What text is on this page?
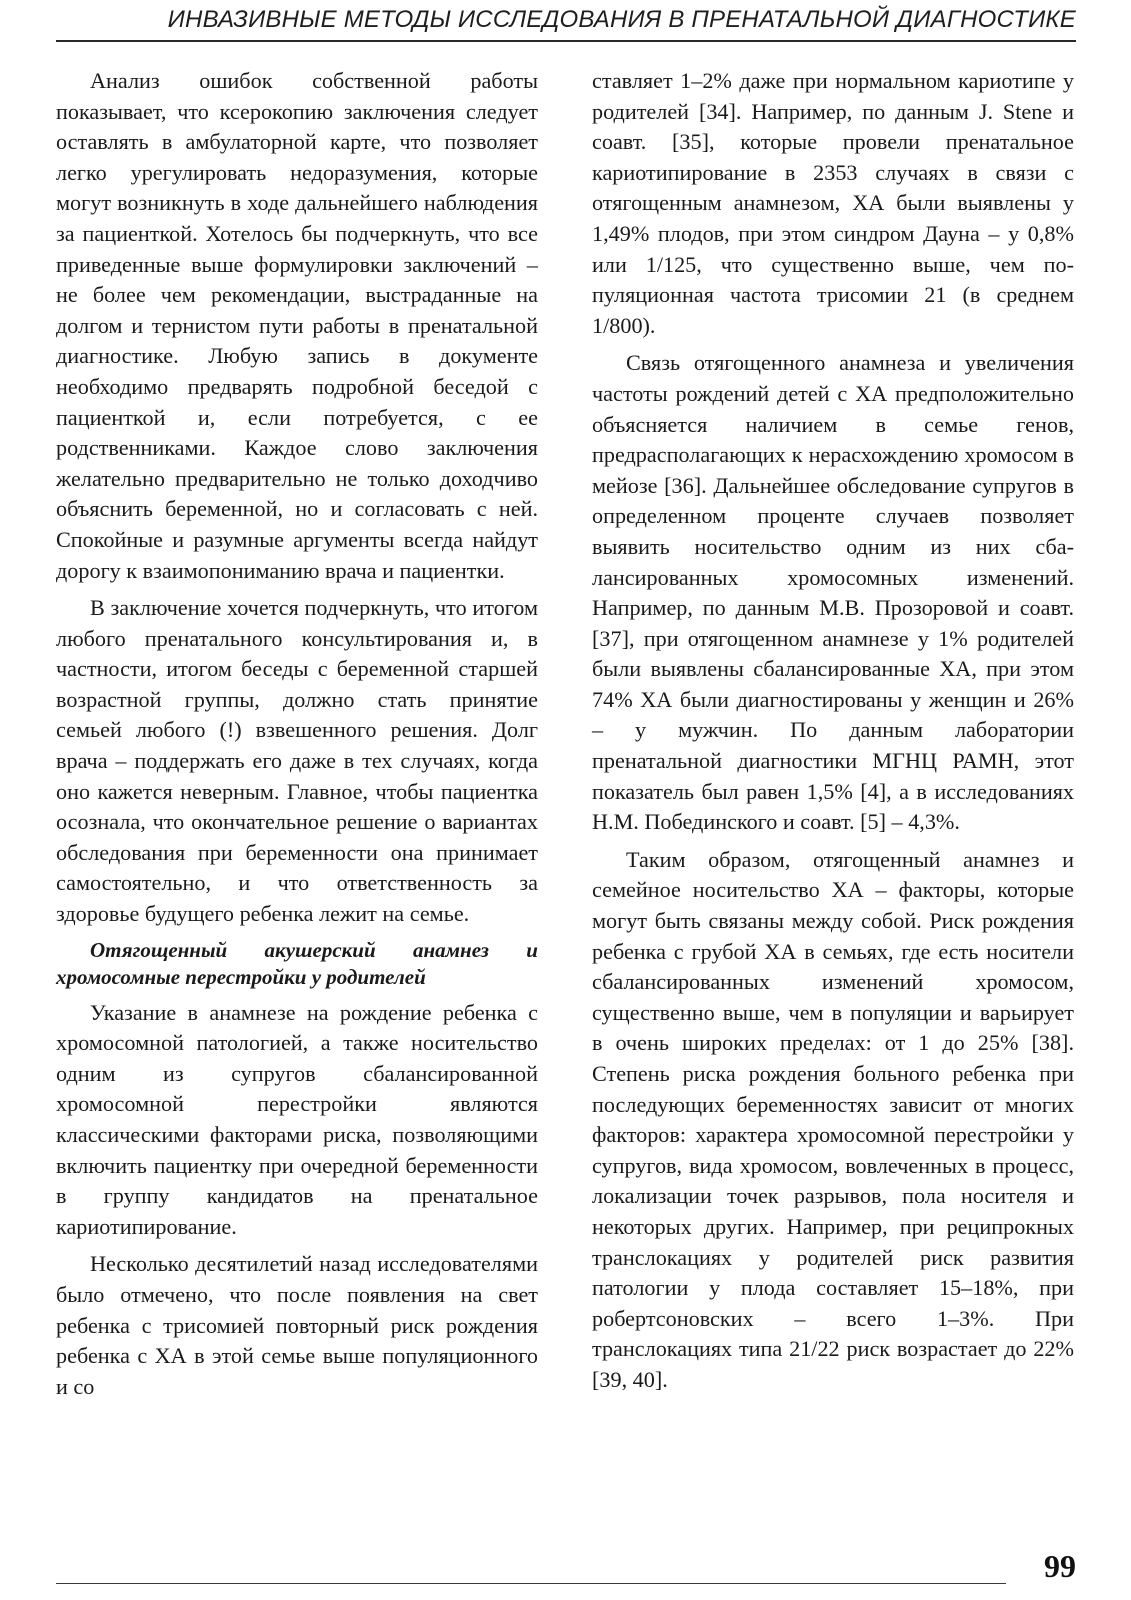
ИНВАЗИВНЫЕ МЕТОДЫ ИССЛЕДОВАНИЯ В ПРЕНАТАЛЬНОЙ ДИАГНОСТИКЕ

Анализ ошибок собственной работы показывает, что ксерокопию заключения следует оставлять в амбулаторной карте, что позволяет легко урегулировать недоразумения, которые могут возникнуть в ходе дальнейшего наблюдения за пациенткой. Хотелось бы подчеркнуть, что все приведенные выше формулировки заключений – не более чем рекомендации, выстраданные на долгом и тернистом пути работы в пренатальной диагностике. Любую запись в документе необходимо предварять подробной беседой с пациенткой и, если потребуется, с ее родственниками. Каждое слово заключения желательно предварительно не только доходчиво объяснить беременной, но и согласовать с ней. Спокойные и разумные аргументы всегда найдут дорогу к взаимопониманию врача и пациентки.

В заключение хочется подчеркнуть, что итогом любого пренатального консультирования и, в частности, итогом беседы с беременной старшей возрастной группы, должно стать принятие семьей любого (!) взвешенного решения. Долг врача – поддержать его даже в тех случаях, когда оно кажется неверным. Главное, чтобы пациентка осознала, что окончательное решение о вариантах обследования при беременности она принимает самостоятельно, и что ответственность за здоровье будущего ребенка лежит на семье.

Отягощенный акушерский анамнез и хромосомные перестройки у родителей

Указание в анамнезе на рождение ребенка с хромосомной патологией, а также носительство одним из супругов сбалансированной хромосомной перестройки являются классическими факторами риска, позволяющими включить пациентку при очередной беременности в группу кандидатов на пренатальное кариотипирование.

Несколько десятилетий назад исследователями было отмечено, что после появления на свет ребенка с трисомией повторный риск рождения ребенка с ХА в этой семье выше популяционного и со

ставляет 1–2% даже при нормальном кариотипе у родителей [34]. Например, по данным J. Stene и соавт. [35], которые провели пренатальное кариотипирование в 2353 случаях в связи с отягощенным анамнезом, ХА были выявлены у 1,49% плодов, при этом синдром Дауна – у 0,8% или 1/125, что существенно выше, чем популяционная частота трисомии 21 (в среднем 1/800).

Связь отягощенного анамнеза и увеличения частоты рождений детей с ХА предположительно объясняется наличием в семье генов, предрасполагающих к нерасхождению хромосом в мейозе [36]. Дальнейшее обследование супругов в определенном проценте случаев позволяет выявить носительство одним из них сбалансированных хромосомных изменений. Например, по данным М.В. Прозоровой и соавт. [37], при отягощенном анамнезе у 1% родителей были выявлены сбалансированные ХА, при этом 74% ХА были диагностированы у женщин и 26% – у мужчин. По данным лаборатории пренатальной диагностики МГНЦ РАМН, этот показатель был равен 1,5% [4], а в исследованиях Н.М. Побединского и соавт. [5] – 4,3%.

Таким образом, отягощенный анамнез и семейное носительство ХА – факторы, которые могут быть связаны между собой. Риск рождения ребенка с грубой ХА в семьях, где есть носители сбалансированных изменений хромосом, существенно выше, чем в популяции и варьирует в очень широких пределах: от 1 до 25% [38]. Степень риска рождения больного ребенка при последующих беременностях зависит от многих факторов: характера хромосомной перестройки у супругов, вида хромосом, вовлеченных в процесс, локализации точек разрывов, пола носителя и некоторых других. Например, при реципрокных транслокациях у родителей риск развития патологии у плода составляет 15–18%, при робертсоновских – всего 1–3%. При транслокациях типа 21/22 риск возрастает до 22% [39, 40].

99
